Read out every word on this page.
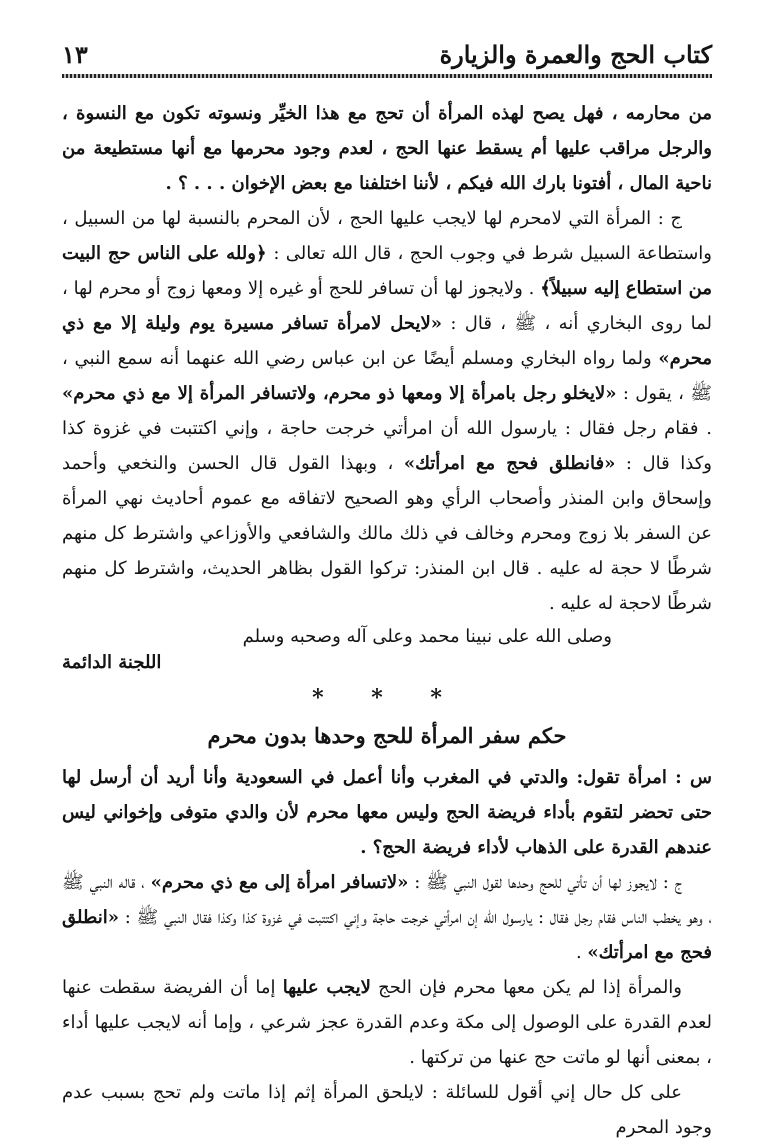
كتاب الحج والعمرة والزيارة
١٣

من محارمه ، فهل يصح لهذه المرأة أن تحج مع هذا الخيِّر ونسوته تكون مع النسوة ، والرجل مراقب عليها أم يسقط عنها الحج ، لعدم وجود محرمها مع أنها مستطيعة من ناحية المال ، أفتونا بارك الله فيكم ، لأننا اختلفنا مع بعض الإخوان . . . ؟ .

ج : المرأة التي لامحرم لها لايجب عليها الحج ، لأن المحرم بالنسبة لها من السبيل ، واستطاعة السبيل شرط في وجوب الحج ، قال الله تعالى : ﴿ولله على الناس حج البيت من استطاع إليه سبيلاً﴾ . ولايجوز لها أن تسافر للحج أو غيره إلا ومعها زوج أو محرم لها ، لما روى البخاري أنه ، ﷺ ، قال : «لايحل لامرأة تسافر مسيرة يوم وليلة إلا مع ذي محرم» ولما رواه البخاري ومسلم أيضًا عن ابن عباس رضي الله عنهما أنه سمع النبي ، ﷺ ، يقول : «لايخلو رجل بامرأة إلا ومعها ذو محرم، ولاتسافر المرأة إلا مع ذي محرم» . فقام رجل فقال : يارسول الله أن امرأتي خرجت حاجة ، وإني اكتتبت في غزوة كذا وكذا قال : «فانطلق فحج مع امرأتك» ، وبهذا القول قال الحسن والنخعي وأحمد وإسحاق وابن المنذر وأصحاب الرأي وهو الصحيح لاتفاقه مع عموم أحاديث نهي المرأة عن السفر بلا زوج ومحرم وخالف في ذلك مالك والشافعي والأوزاعي واشترط كل منهم شرطًا لا حجة له عليه . قال ابن المنذر: تركوا القول بظاهر الحديث، واشترط كل منهم شرطًا لاحجة له عليه .

وصلى الله على نبينا محمد وعلى آله وصحبه وسلم
اللجنة الدائمة
* * *
حكم سفر المرأة للحج وحدها بدون محرم

س : امرأة تقول: والدتي في المغرب وأنا أعمل في السعودية وأنا أريد أن أرسل لها حتى تحضر لتقوم بأداء فريضة الحج وليس معها محرم لأن والدي متوفى وإخواني ليس عندهم القدرة على الذهاب لأداء فريضة الحج؟ .

ج : لايجوز لها أن تأتي للحج وحدها لقول النبي ﷺ : «لاتسافر امرأة إلى مع ذي محرم» ، قاله النبي ﷺ ، وهو يخطب الناس فقام رجل فقال : يارسول الله إن امرأتي خرجت حاجة وإني اكتتبت في غزوة كذا وكذا فقال النبي ﷺ : «انطلق فحج مع امرأتك» .

والمرأة إذا لم يكن معها محرم فإن الحج لايجب عليها إما أن الفريضة سقطت عنها لعدم القدرة على الوصول إلى مكة وعدم القدرة عجز شرعي ، وإما أنه لايجب عليها أداء ، بمعنى أنها لو ماتت حج عنها من تركتها .

على كل حال إني أقول للسائلة : لايلحق المرأة إثم إذا ماتت ولم تحج بسبب عدم وجود المحرم
